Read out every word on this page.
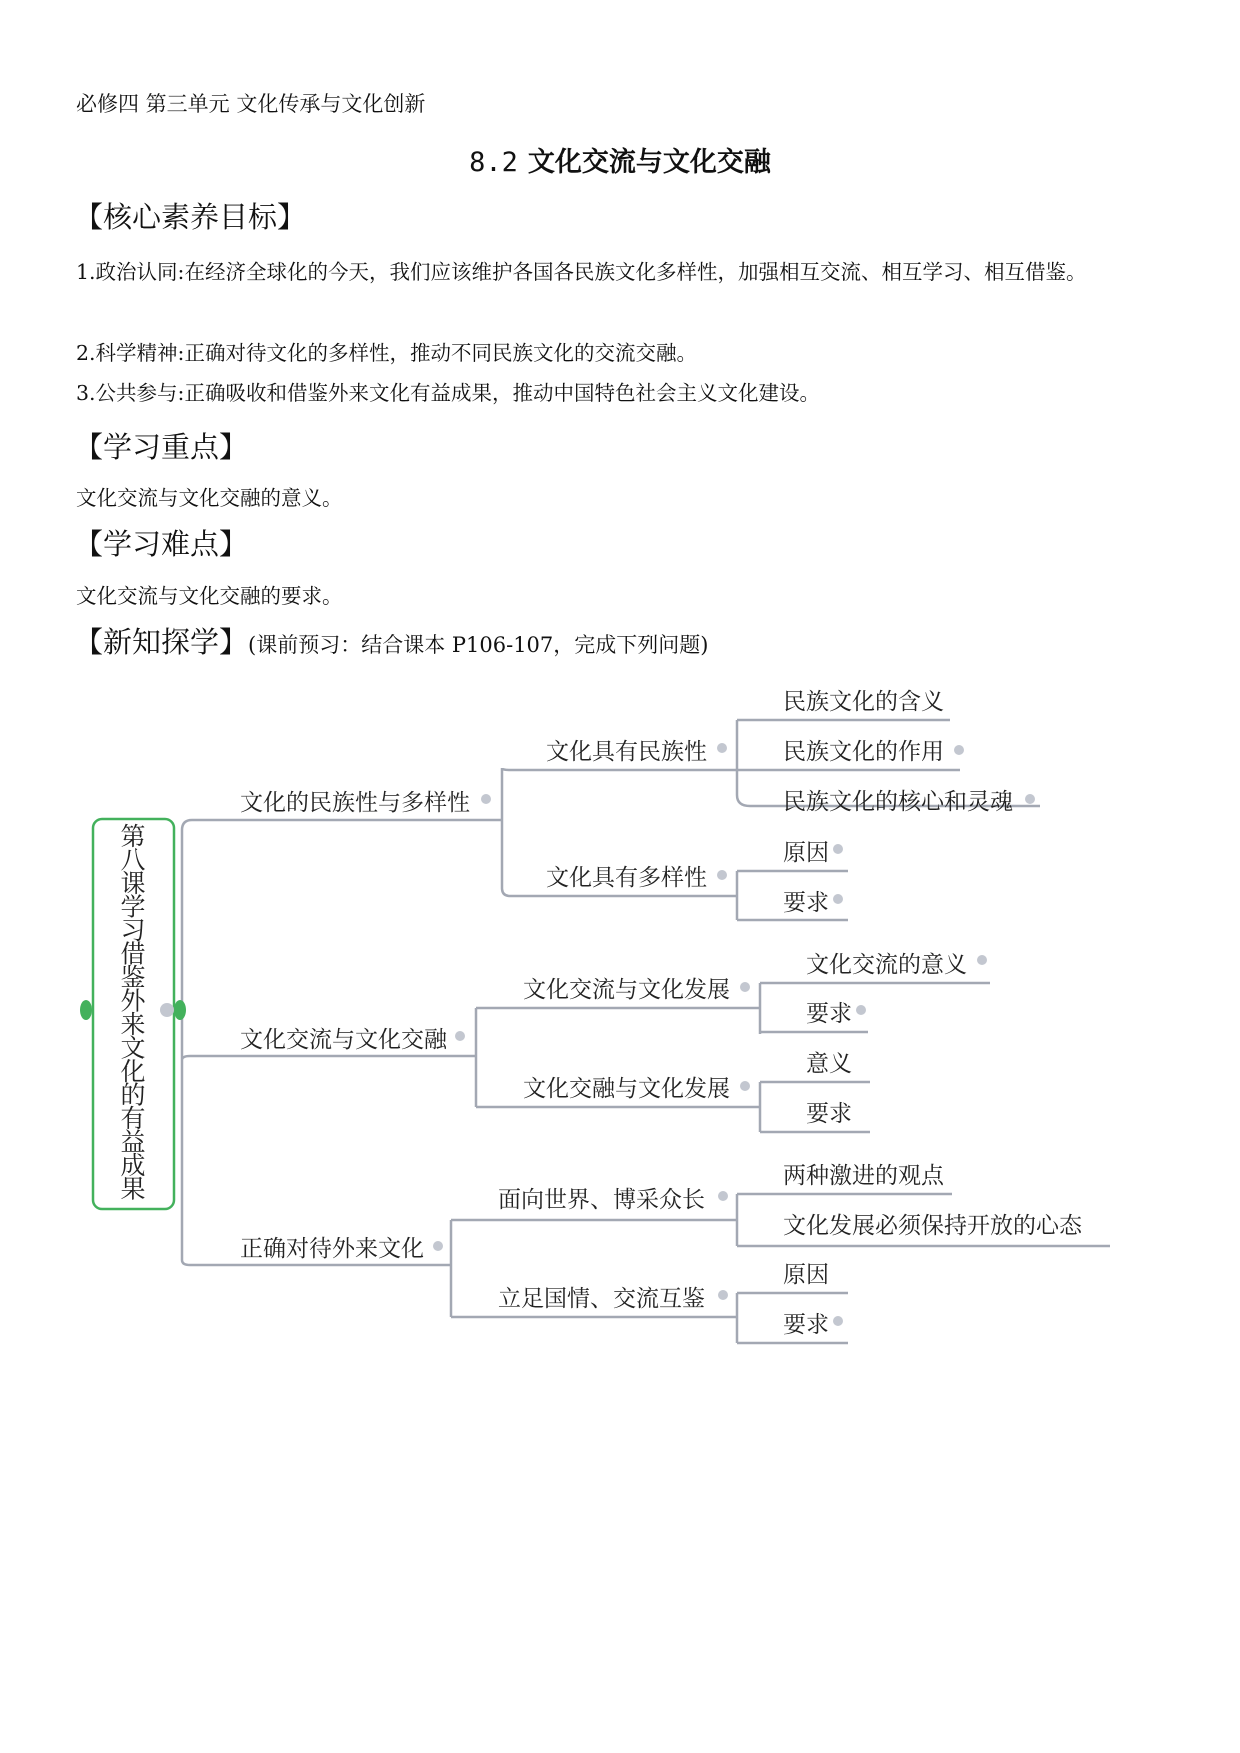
必修四 第三单元 文化传承与文化创新
8.2 文化交流与文化交融
【核心素养目标】
1.政治认同:在经济全球化的今天，我们应该维护各国各民族文化多样性，加强相互交流、相互学习、相互借鉴。
2.科学精神:正确对待文化的多样性，推动不同民族文化的交流交融。
3.公共参与:正确吸收和借鉴外来文化有益成果，推动中国特色社会主义文化建设。
【学习重点】
文化交流与文化交融的意义。
【学习难点】
文化交流与文化交融的要求。
【新知探学】(课前预习：结合课本 P106-107，完成下列问题)
第八课学习借鉴外来文化的有益成果
文化的民族性与多样性
文化交流与文化交融
正确对待外来文化
文化具有民族性
文化具有多样性
文化交流与文化发展
文化交融与文化发展
面向世界、博采众长
立足国情、交流互鉴
民族文化的含义
民族文化的作用
民族文化的核心和灵魂
原因
要求
文化交流的意义
要求
意义
要求
两种激进的观点
文化发展必须保持开放的心态
原因
要求
